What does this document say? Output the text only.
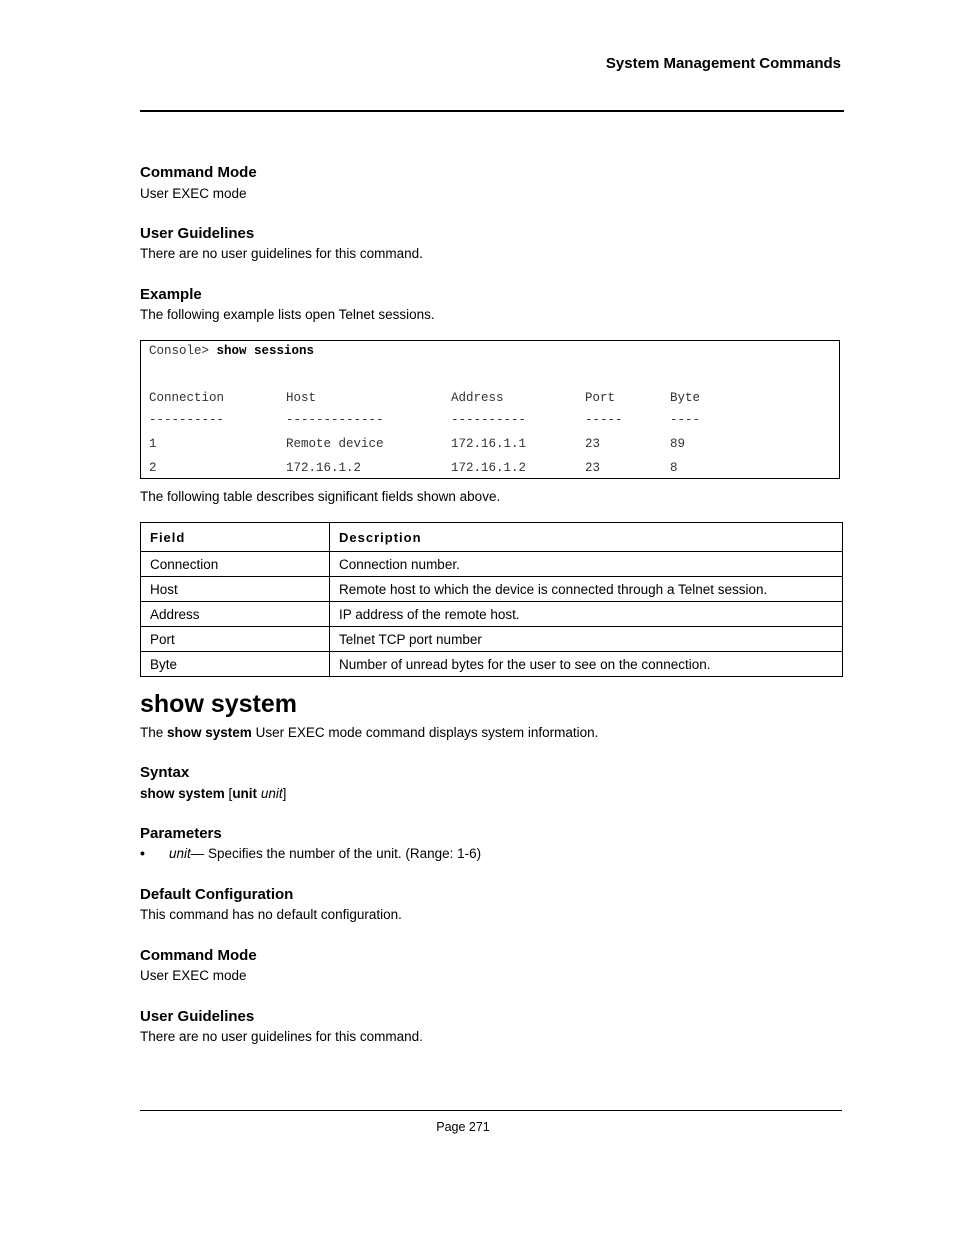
System Management Commands
Command Mode
User EXEC mode
User Guidelines
There are no user guidelines for this command.
Example
The following example lists open Telnet sessions.
Console> show sessions
Connection	Host	Address	Port	Byte
----------	-------------	----------	-----	----
1	Remote device	172.16.1.1	23	89
2	172.16.1.2	172.16.1.2	23	8
The following table describes significant fields shown above.
Field	Description
Connection	Connection number.
Host	Remote host to which the device is connected through a Telnet session.
Address	IP address of the remote host.
Port	Telnet TCP port number
Byte	Number of unread bytes for the user to see on the connection.
show system
The show system User EXEC mode command displays system information.
Syntax
show system [unit unit]
Parameters
• unit— Specifies the number of the unit. (Range: 1-6)
Default Configuration
This command has no default configuration.
Command Mode
User EXEC mode
User Guidelines
There are no user guidelines for this command.
Page 271
